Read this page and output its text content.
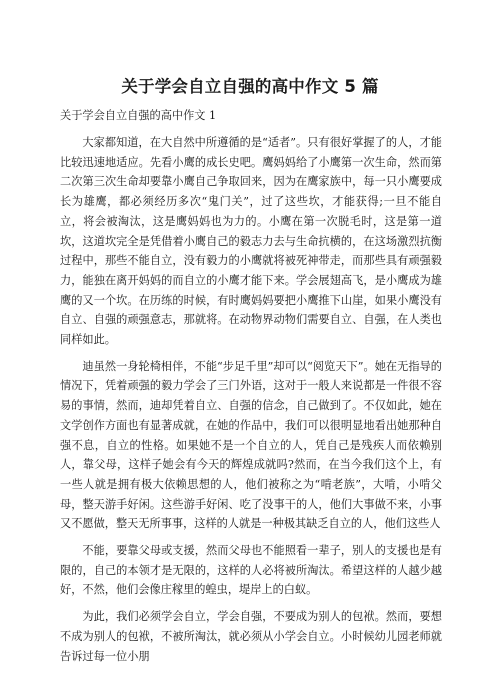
关于学会自立自强的高中作文 5 篇

关于学会自立自强的高中作文 1

大家都知道，在大自然中所遵循的是“适者”。只有很好掌握了的人，才能比较迅速地适应。先看小鹰的成长史吧。鹰妈妈给了小鹰第一次生命，然而第二次第三次生命却要靠小鹰自己争取回来，因为在鹰家族中，每一只小鹰要成长为雄鹰，都必须经历多次“鬼门关”，过了这些坎，才能获得;一旦不能自立，将会被淘汰，这是鹰妈妈也为力的。小鹰在第一次脱毛时，这是第一道坎，这道坎完全是凭借着小鹰自己的毅志力去与生命抗横的，在这场激烈抗衡过程中，那些不能自立，没有毅力的小鹰就将被死神带走，而那些具有顽强毅力，能独在离开妈妈的而自立的小鹰才能下来。学会展翅高飞，是小鹰成为雄鹰的又一个坎。在历练的时候，有时鹰妈妈要把小鹰推下山崖，如果小鹰没有自立、自强的顽强意志，那就将。在动物界动物们需要自立、自强，在人类也同样如此。

迪虽然一身轮椅相伴，不能“步足千里”却可以“阅览天下”。她在无指导的情况下，凭着顽强的毅力学会了三门外语，这对于一般人来说都是一件很不容易的事情，然而，迪却凭着自立、自强的信念，自己做到了。不仅如此，她在文学创作方面也有显著成就，在她的作品中，我们可以很明显地看出她那种自强不息，自立的性格。如果她不是一个自立的人，凭自己是残疾人而依赖别人，靠父母，这样子她会有今天的辉煌成就吗?然而，在当今我们这个上，有一些人就是拥有极大依赖思想的人，他们被称之为“啃老族”，大啃，小啃父母，整天游手好闲。这些游手好闲、吃了没事干的人，他们大事做不来，小事又不愿做，整天无所事事，这样的人就是一种极其缺乏自立的人，他们这些人

不能，要靠父母或支援，然而父母也不能照看一辈子，别人的支援也是有限的，自己的本领才是无限的，这样的人必将被所淘汰。希望这样的人越少越好，不然，他们会像庄稼里的蝗虫，堤岸上的白蚁。

为此，我们必须学会自立，学会自强，不要成为别人的包袱。然而，要想不成为别人的包袱，不被所淘汰，就必须从小学会自立。小时候幼儿园老师就告诉过每一位小朋
